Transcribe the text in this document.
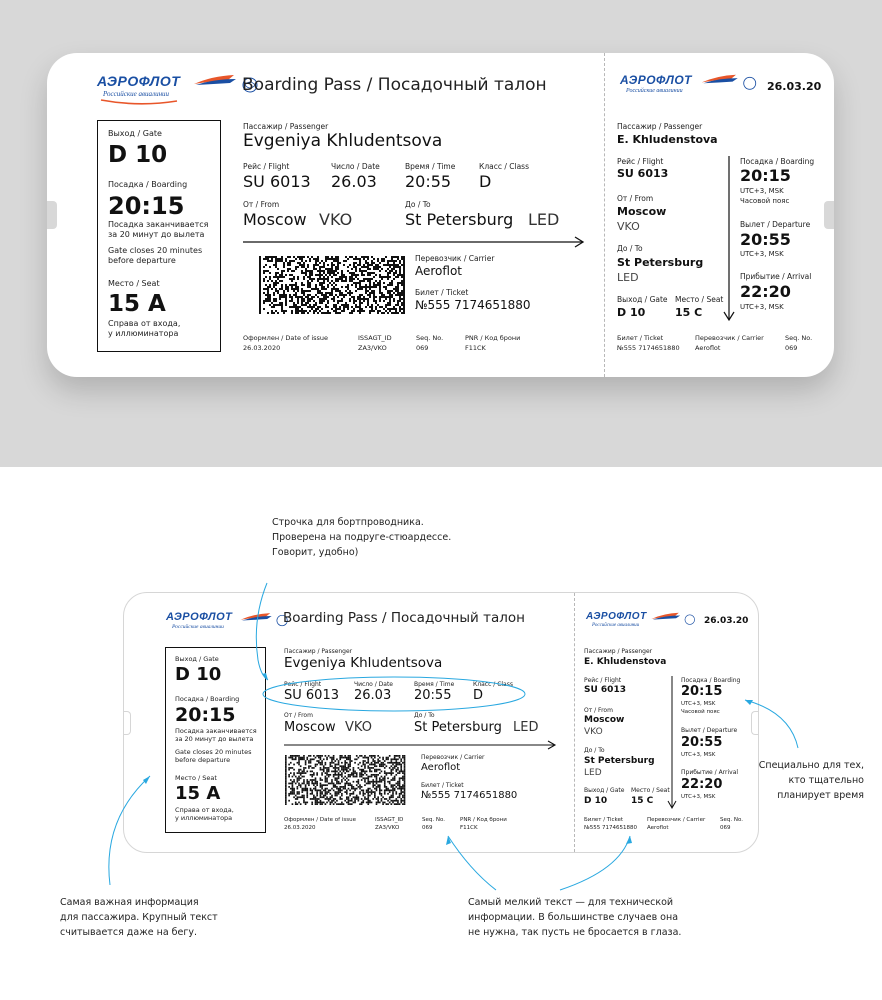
АЭРОФЛОТ
Российские авиалинии	Boarding Pass / Посадочный талон
Выход / Gate
D 10
Посадка / Boarding
20:15
Посадка заканчивается
за 20 минут до вылета
Gate closes 20 minutes
before departure
Место / Seat
15 A
Справа от входа,
у иллюминатора
Пассажир / Passenger
Evgeniya Khludentsova
Рейс / Flight
SU 6013
Число / Date
26.03
Время / Time
20:55
Класс / Class
D
От / From
Moscow VKO
До / To
St Petersburg LED
Перевозчик / Carrier
Aeroflot
Билет / Ticket
№555 7174651880
Оформлен / Date of issue
26.03.2020
ISSAGT_ID
ZA3/VKO
Seq. No.
069
PNR / Код брони
F11CK
АЭРОФЛОТ
Российские авиалинии	26.03.20
Пассажир / Passenger
E. Khludenstova
Рейс / Flight
SU 6013
От / From
Moscow
VKO
До / To
St Petersburg
LED
Выход / Gate
D 10
Место / Seat
15 C
Посадка / Boarding
20:15
UTC+3, MSK
Часовой пояс
Вылет / Departure
20:55
UTC+3, MSK
Прибытие / Arrival
22:20
UTC+3, MSK
Билет / Ticket
№555 7174651880
Перевозчик / Carrier
Aeroflot
Seq. No.
069
АЭРОФЛОТ
Российские авиалинии
Boarding Pass / Посадочный талон
Выход / Gate
D 10
Посадка / Boarding
20:15
Посадка заканчивается
за 20 минут до вылета
Gate closes 20 minutes
before departure
Место / Seat
15 A
Справа от входа,
у иллюминатора
Пассажир / Passenger
Evgeniya Khludentsova
Рейс / Flight
SU 6013
Число / Date
26.03
Время / Time
20:55
Класс / Class
D
От / From
Moscow VKO
До / To
St Petersburg LED
Перевозчик / Carrier
Aeroflot
Билет / Ticket
№555 7174651880
Оформлен / Date of issue
26.03.2020
ISSAGT_ID
ZA3/VKO
Seq. No.
069
PNR / Код брони
F11CK
АЭРОФЛОТ
Российские авиалинии	26.03.20
Пассажир / Passenger
E. Khludenstova
Рейс / Flight
SU 6013
От / From
Moscow
VKO
До / To
St Petersburg
LED
Выход / Gate
D 10
Место / Seat
15 C
Посадка / Boarding
20:15
UTC+3, MSK
Часовой пояс
Вылет / Departure
20:55
UTC+3, MSK
Прибытие / Arrival
22:20
UTC+3, MSK
Билет / Ticket
№555 7174651880
Перевозчик / Carrier
Aeroflot
Seq. No.
069
Строчка для бортпроводника.
Проверена на подруге-стюардессе.
Говорит, удобно)
Специально для тех,
кто тщательно
планирует время
Самая важная информация
для пассажира. Крупный текст
считывается даже на бегу.
Самый мелкий текст — для технической
информации. В большинстве случаев она
не нужна, так пусть не бросается в глаза.
